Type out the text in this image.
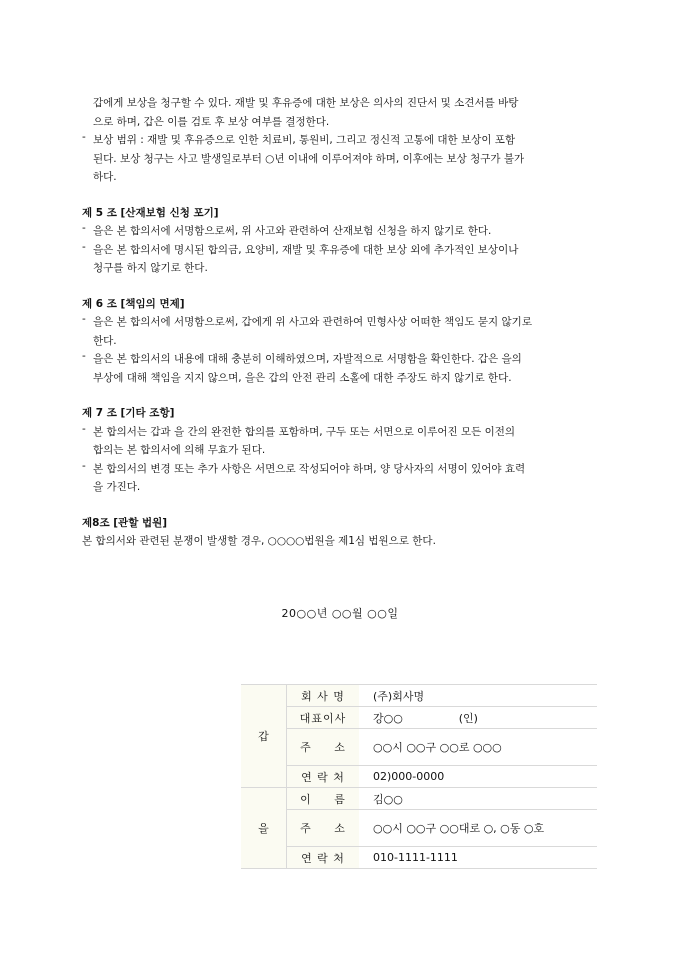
갑에게 보상을 청구할 수 있다. 재발 및 후유증에 대한 보상은 의사의 진단서 및 소견서를 바탕
으로 하며, 갑은 이를 검토 후 보상 여부를 결정한다.
- 보상 범위 : 재발 및 후유증으로 인한 치료비, 통원비, 그리고 정신적 고통에 대한 보상이 포함
된다. 보상 청구는 사고 발생일로부터 ○년 이내에 이루어져야 하며, 이후에는 보상 청구가 불가
하다.
제 5 조 [산재보험 신청 포기]
- 을은 본 합의서에 서명함으로써, 위 사고와 관련하여 산재보험 신청을 하지 않기로 한다.
- 을은 본 합의서에 명시된 합의금, 요양비, 재발 및 후유증에 대한 보상 외에 추가적인 보상이나
청구를 하지 않기로 한다.
제 6 조 [책임의 면제]
- 을은 본 합의서에 서명함으로써, 갑에게 위 사고와 관련하여 민형사상 어떠한 책임도 묻지 않기로
한다.
- 을은 본 합의서의 내용에 대해 충분히 이해하였으며, 자발적으로 서명함을 확인한다. 갑은 을의
부상에 대해 책임을 지지 않으며, 을은 갑의 안전 관리 소홀에 대한 주장도 하지 않기로 한다.
제 7 조 [기타 조항]
- 본 합의서는 갑과 을 간의 완전한 합의를 포함하며, 구두 또는 서면으로 이루어진 모든 이전의
합의는 본 합의서에 의해 무효가 된다.
- 본 합의서의 변경 또는 추가 사항은 서면으로 작성되어야 하며, 양 당사자의 서명이 있어야 효력
을 가진다.
제8조 [관할 법원]
본 합의서와 관련된 분쟁이 발생할 경우, ○○○○법원을 제1심 법원으로 한다.
20○○년 ○○월 ○○일
갑	회 사 명	(주)회사명
	대표이사	강○○                (인)
	주     소	○○시 ○○구 ○○로 ○○○
	연 락 처	02)000-0000
을	이     름	김○○
	주     소	○○시 ○○구 ○○대로 ○, ○동 ○호
	연 락 처	010-1111-1111
